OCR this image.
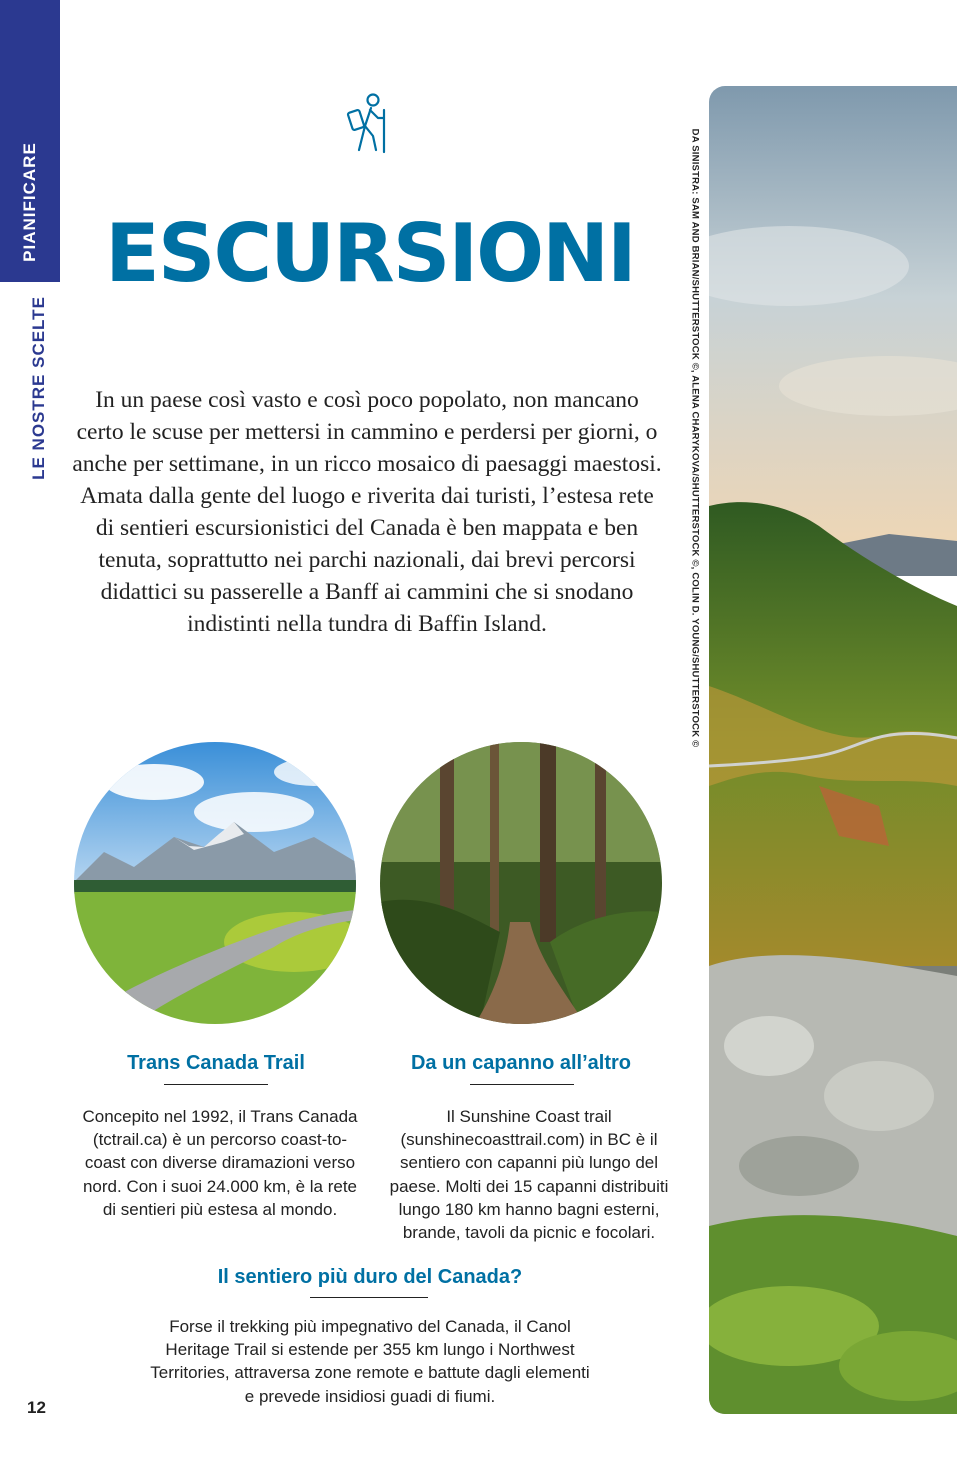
PIANIFICARE
LE NOSTRE SCELTE
ESCURSIONI

In un paese così vasto e così poco popolato, non mancano certo le scuse per mettersi in cammino e perdersi per giorni, o anche per settimane, in un ricco mosaico di paesaggi maestosi. Amata dalla gente del luogo e riverita dai turisti, l’estesa rete di sentieri escursionistici del Canada è ben mappata e ben tenuta, soprattutto nei parchi nazionali, dai brevi percorsi didattici su passerelle a Banff ai cammini che si snodano indistinti nella tundra di Baffin Island.

Trans Canada Trail

Concepito nel 1992, il Trans Canada (tctrail.ca) è un percorso coast-to-coast con diverse diramazioni verso nord. Con i suoi 24.000 km, è la rete di sentieri più estesa al mondo.

Da un capanno all’altro

Il Sunshine Coast trail (sunshinecoasttrail.com) in BC è il sentiero con capanni più lungo del paese. Molti dei 15 capanni distribuiti lungo 180 km hanno bagni esterni, brande, tavoli da picnic e focolari.

Il sentiero più duro del Canada?

Forse il trekking più impegnativo del Canada, il Canol Heritage Trail si estende per 355 km lungo i Northwest Territories, attraversa zone remote e battute dagli elementi e prevede insidiosi guadi di fiumi.

DA SINISTRA: SAM AND BRIAN/SHUTTERSTOCK ©, ALENA CHARYKOVA/SHUTTERSTOCK ©, COLIN D. YOUNG/SHUTTERSTOCK ©

12
